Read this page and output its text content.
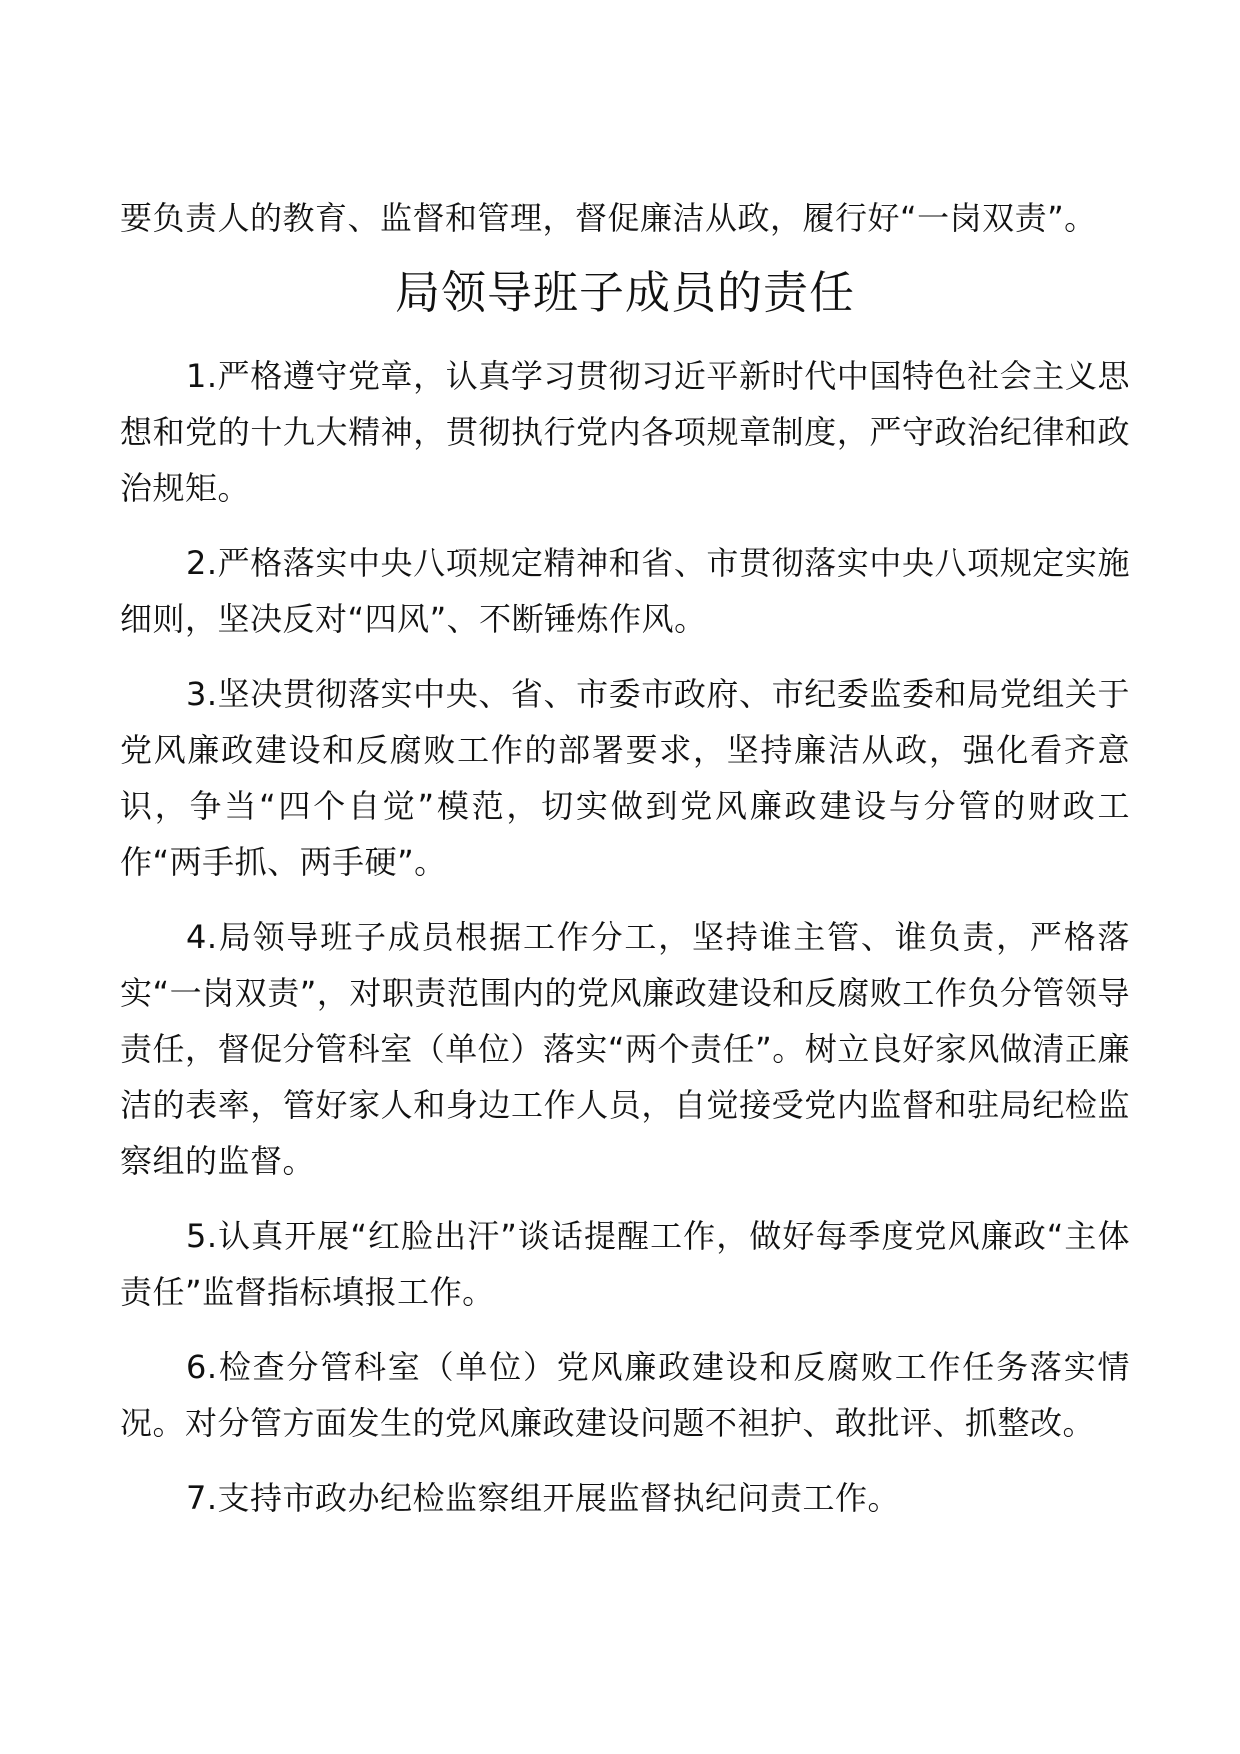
要负责人的教育、监督和管理，督促廉洁从政，履行好“一岗双责”。

局领导班子成员的责任

1.严格遵守党章，认真学习贯彻习近平新时代中国特色社会主义思想和党的十九大精神，贯彻执行党内各项规章制度，严守政治纪律和政治规矩。

2.严格落实中央八项规定精神和省、市贯彻落实中央八项规定实施细则，坚决反对“四风”、不断锤炼作风。

3.坚决贯彻落实中央、省、市委市政府、市纪委监委和局党组关于党风廉政建设和反腐败工作的部署要求，坚持廉洁从政，强化看齐意识，争当“四个自觉”模范，切实做到党风廉政建设与分管的财政工作“两手抓、两手硬”。

4.局领导班子成员根据工作分工，坚持谁主管、谁负责，严格落实“一岗双责”，对职责范围内的党风廉政建设和反腐败工作负分管领导责任，督促分管科室（单位）落实“两个责任”。树立良好家风做清正廉洁的表率，管好家人和身边工作人员，自觉接受党内监督和驻局纪检监察组的监督。

5.认真开展“红脸出汗”谈话提醒工作，做好每季度党风廉政“主体责任”监督指标填报工作。

6.检查分管科室（单位）党风廉政建设和反腐败工作任务落实情况。对分管方面发生的党风廉政建设问题不袒护、敢批评、抓整改。

7.支持市政办纪检监察组开展监督执纪问责工作。
